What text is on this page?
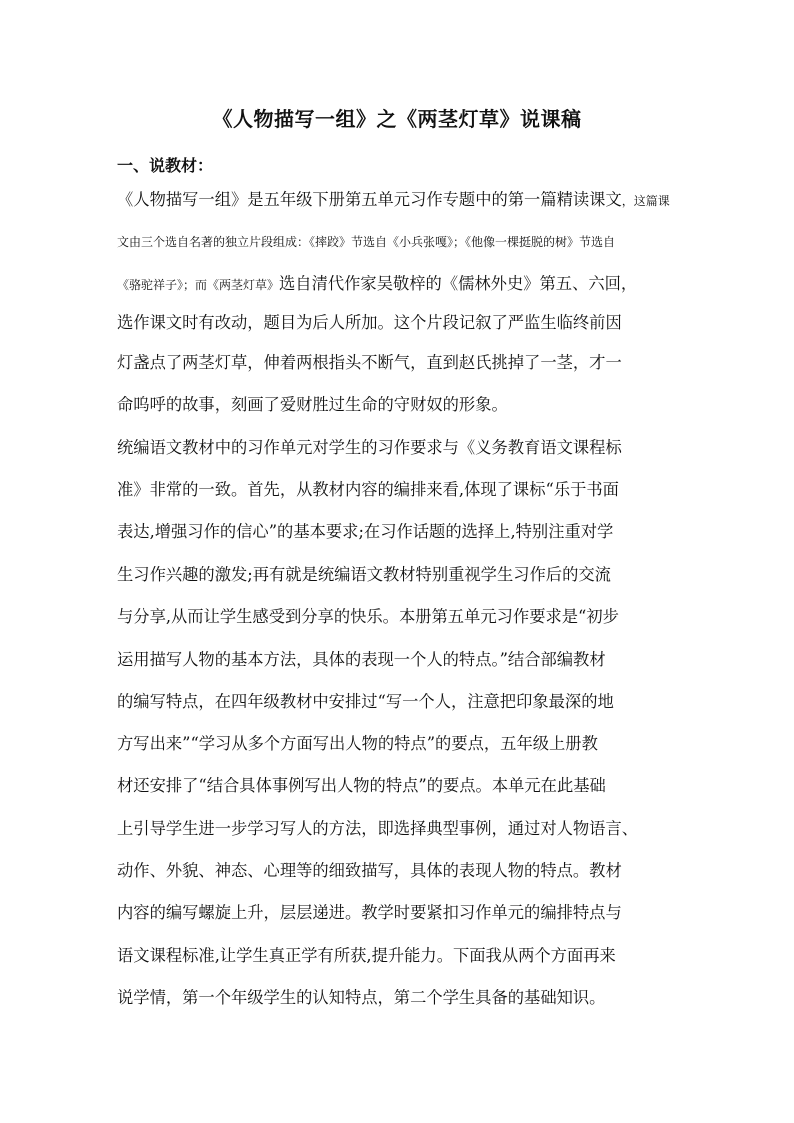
《人物描写一组》之《两茎灯草》说课稿
一、说教材：
《人物描写一组》是五年级下册第五单元习作专题中的第一篇精读课文，这篇课
文由三个选自名著的独立片段组成：《摔跤》节选自《小兵张嘎》；《他像一棵挺脱的树》节选自
《骆驼祥子》；而《两茎灯草》选自清代作家吴敬梓的《儒林外史》第五、六回，
选作课文时有改动，题目为后人所加。这个片段记叙了严监生临终前因
灯盏点了两茎灯草，伸着两根指头不断气，直到赵氏挑掉了一茎，才一
命呜呼的故事，刻画了爱财胜过生命的守财奴的形象。
统编语文教材中的习作单元对学生的习作要求与《义务教育语文课程标
准》非常的一致。首先，从教材内容的编排来看,体现了课标“乐于书面
表达,增强习作的信心”的基本要求;在习作话题的选择上,特别注重对学
生习作兴趣的激发;再有就是统编语文教材特别重视学生习作后的交流
与分享,从而让学生感受到分享的快乐。本册第五单元习作要求是“初步
运用描写人物的基本方法，具体的表现一个人的特点。”结合部编教材
的编写特点，在四年级教材中安排过“写一个人，注意把印象最深的地
方写出来”“学习从多个方面写出人物的特点”的要点，五年级上册教
材还安排了“结合具体事例写出人物的特点”的要点。本单元在此基础
上引导学生进一步学习写人的方法，即选择典型事例，通过对人物语言、
动作、外貌、神态、心理等的细致描写，具体的表现人物的特点。教材
内容的编写螺旋上升，层层递进。教学时要紧扣习作单元的编排特点与
语文课程标准,让学生真正学有所获,提升能力。下面我从两个方面再来
说学情，第一个年级学生的认知特点，第二个学生具备的基础知识。
